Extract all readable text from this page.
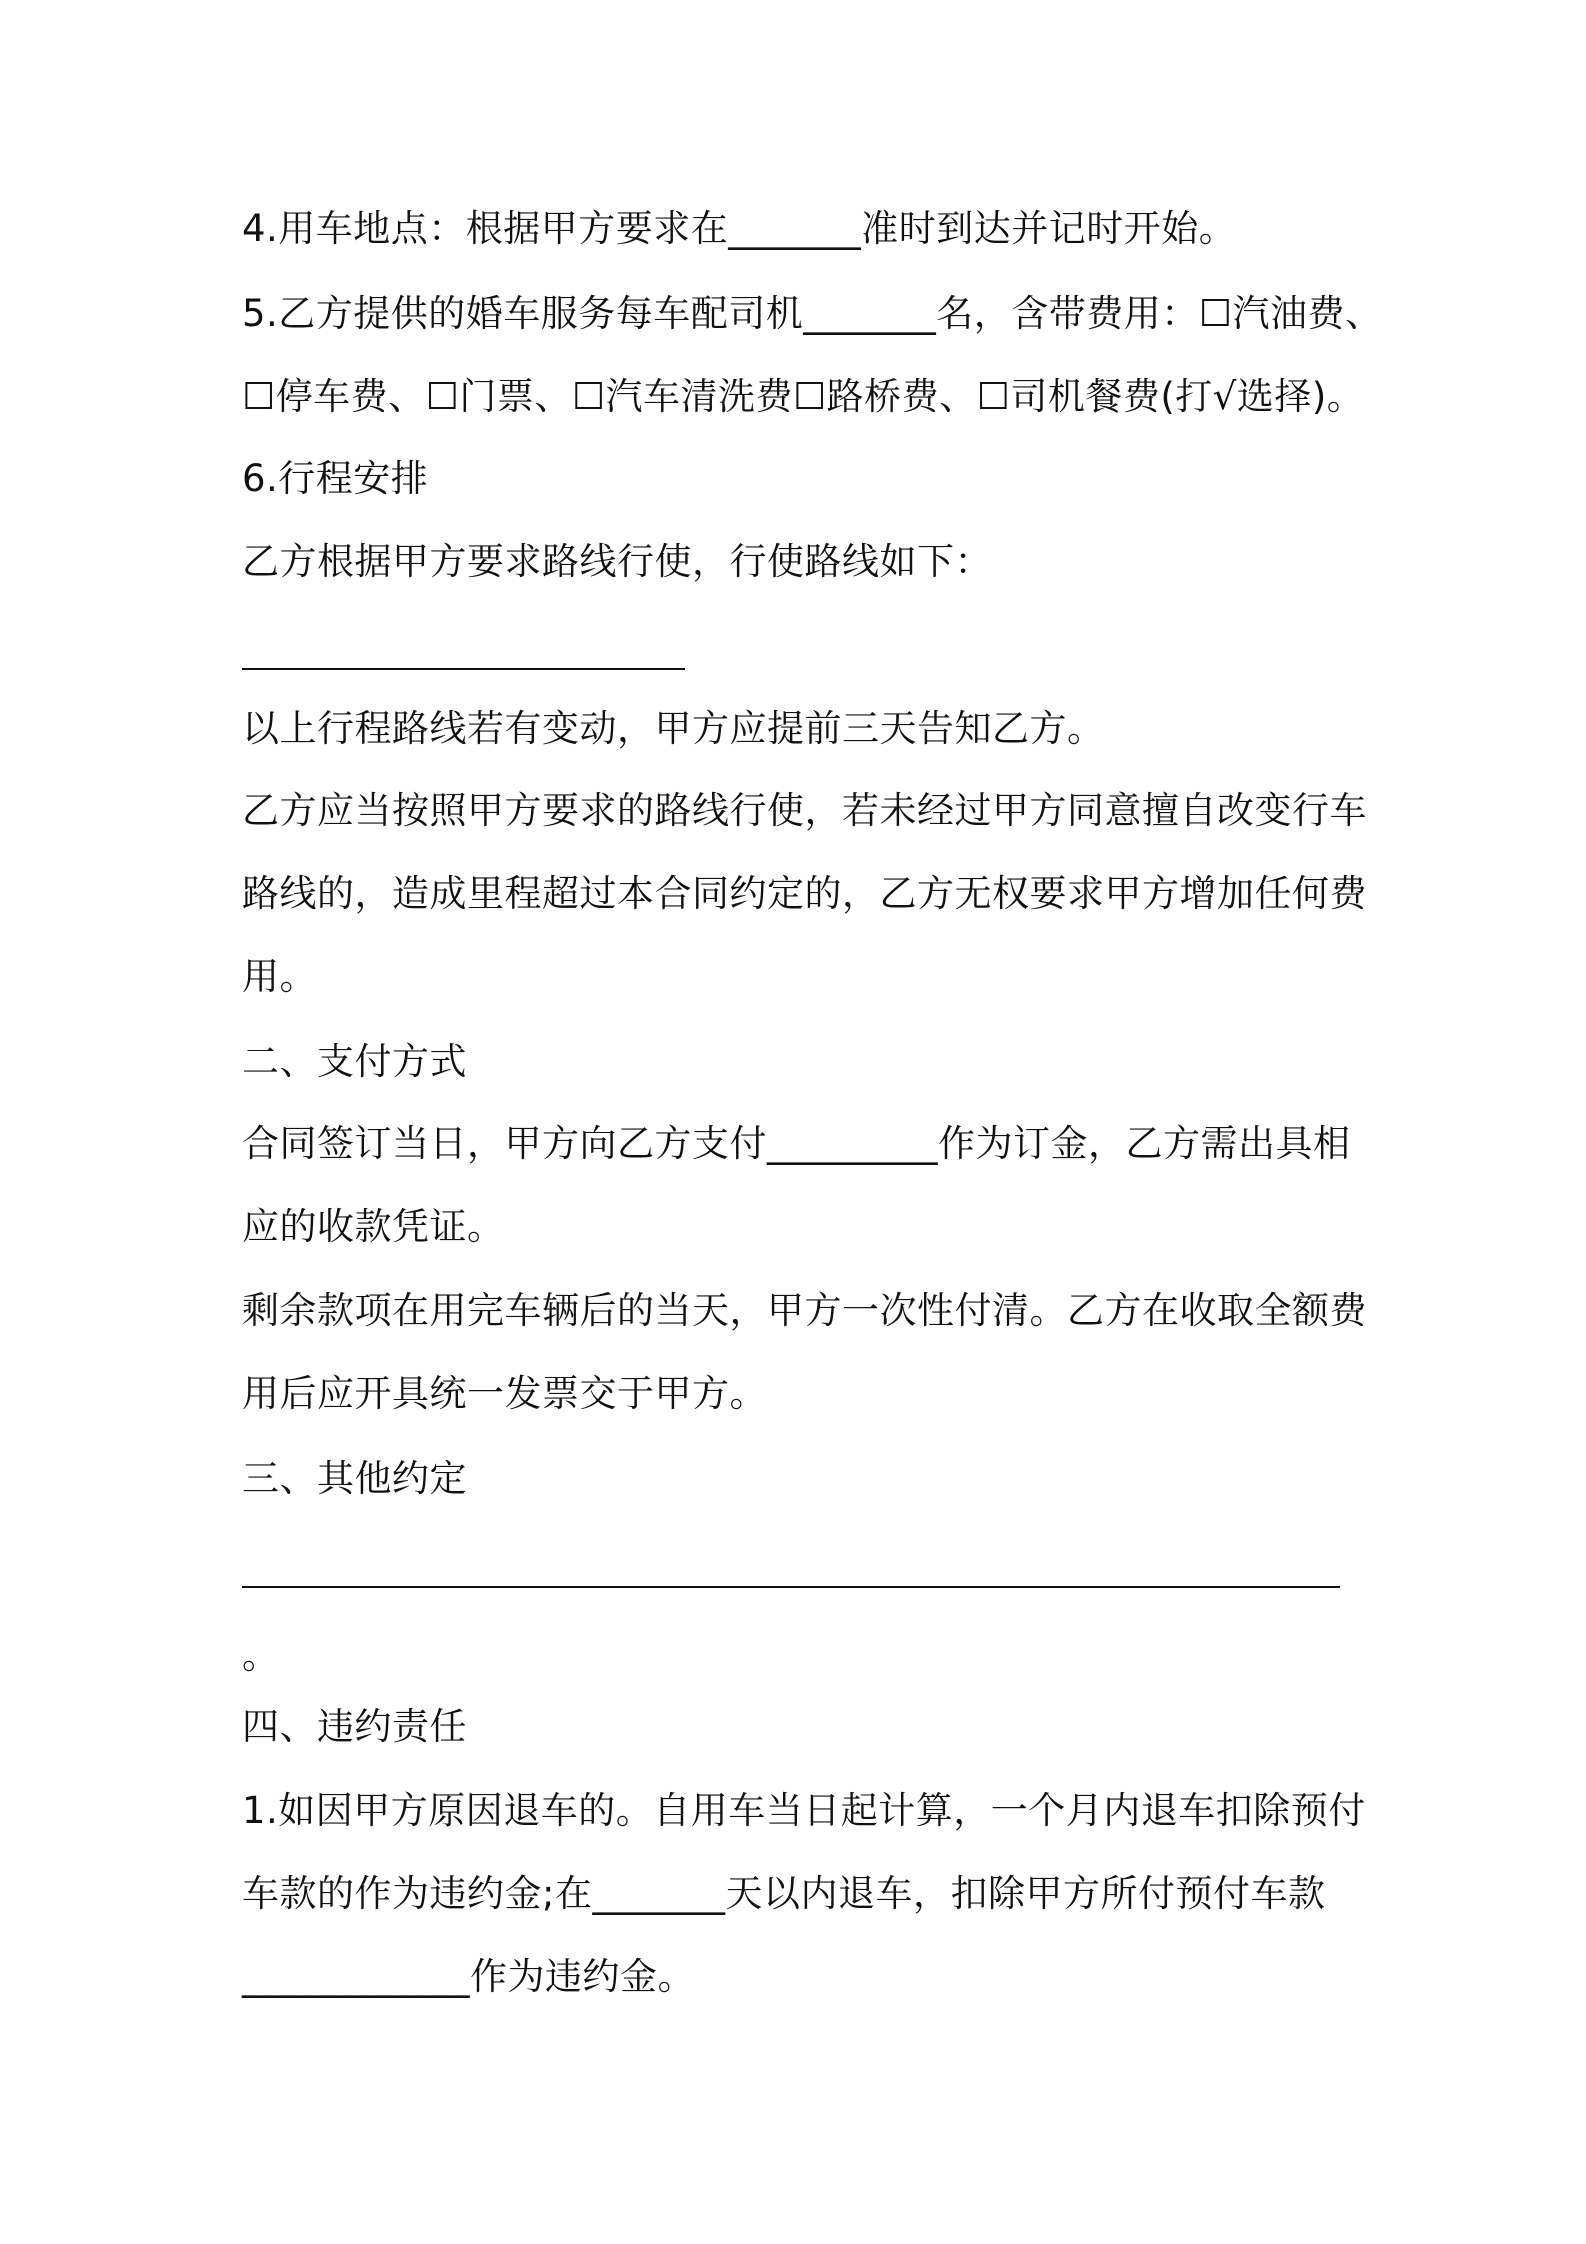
4.用车地点：根据甲方要求在_______准时到达并记时开始。
5.乙方提供的婚车服务每车配司机_______名，含带费用：☐汽油费、
☐停车费、☐门票、☐汽车清洗费☐路桥费、☐司机餐费(打√选择)。
6.行程安排
乙方根据甲方要求路线行使，行使路线如下：
以上行程路线若有变动，甲方应提前三天告知乙方。
乙方应当按照甲方要求的路线行使，若未经过甲方同意擅自改变行车
路线的，造成里程超过本合同约定的，乙方无权要求甲方增加任何费
用。
二、支付方式
合同签订当日，甲方向乙方支付_________作为订金，乙方需出具相
应的收款凭证。
剩余款项在用完车辆后的当天，甲方一次性付清。乙方在收取全额费
用后应开具统一发票交于甲方。
三、其他约定
。
四、违约责任
1.如因甲方原因退车的。自用车当日起计算，一个月内退车扣除预付
车款的作为违约金;在_______天以内退车，扣除甲方所付预付车款
____________作为违约金。
